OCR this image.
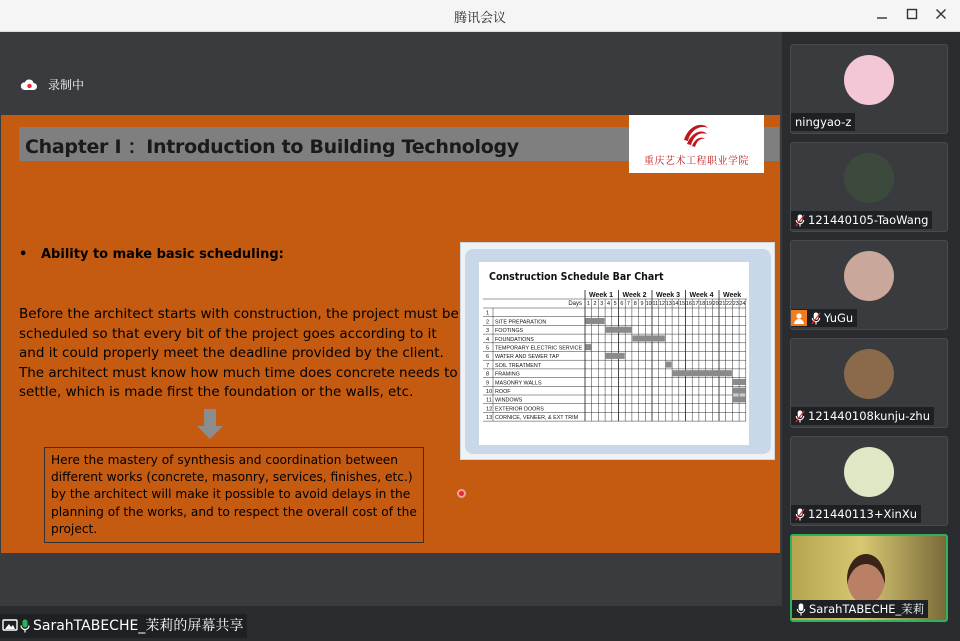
腾讯会议
录制中
Chapter I ：Introduction to Building Technology
重庆艺术工程职业学院
• Ability to make basic scheduling:
Before the architect starts with construction, the project must be scheduled so that every bit of the project goes according to it and it could properly meet the deadline provided by the client. The architect must know how much time does concrete needs to settle, which is made first the foundation or the walls, etc.
Here the mastery of synthesis and coordination between different works (concrete, masonry, services, finishes, etc.) by the architect will make it possible to avoid delays in the planning of the works, and to respect the overall cost of the project.
Construction Schedule Bar Chart
Week 1 Week 2 Week 3 Week 4 Week
Days 1 2 3 4 5 6 7 8 9 10 11 12 13 14 15 16 17 18 19 20 21 22 23 24
1
2 SITE PREPARATION
3 FOOTINGS
4 FOUNDATIONS
5 TEMPORARY ELECTRIC SERVICE
6 WATER AND SEWER TAP
7 SOIL TREATMENT
8 FRAMING
9 MASONRY WALLS
10 ROOF
11 WINDOWS
12 EXTERIOR DOORS
13 CORNICE, VENEER, & EXT TRIM
SarahTABECHE_茉莉的屏幕共享
ningyao-z
121440105-TaoWang
YuGu
121440108kunju-zhu
121440113+XinXu
SarahTABECHE_茉莉
